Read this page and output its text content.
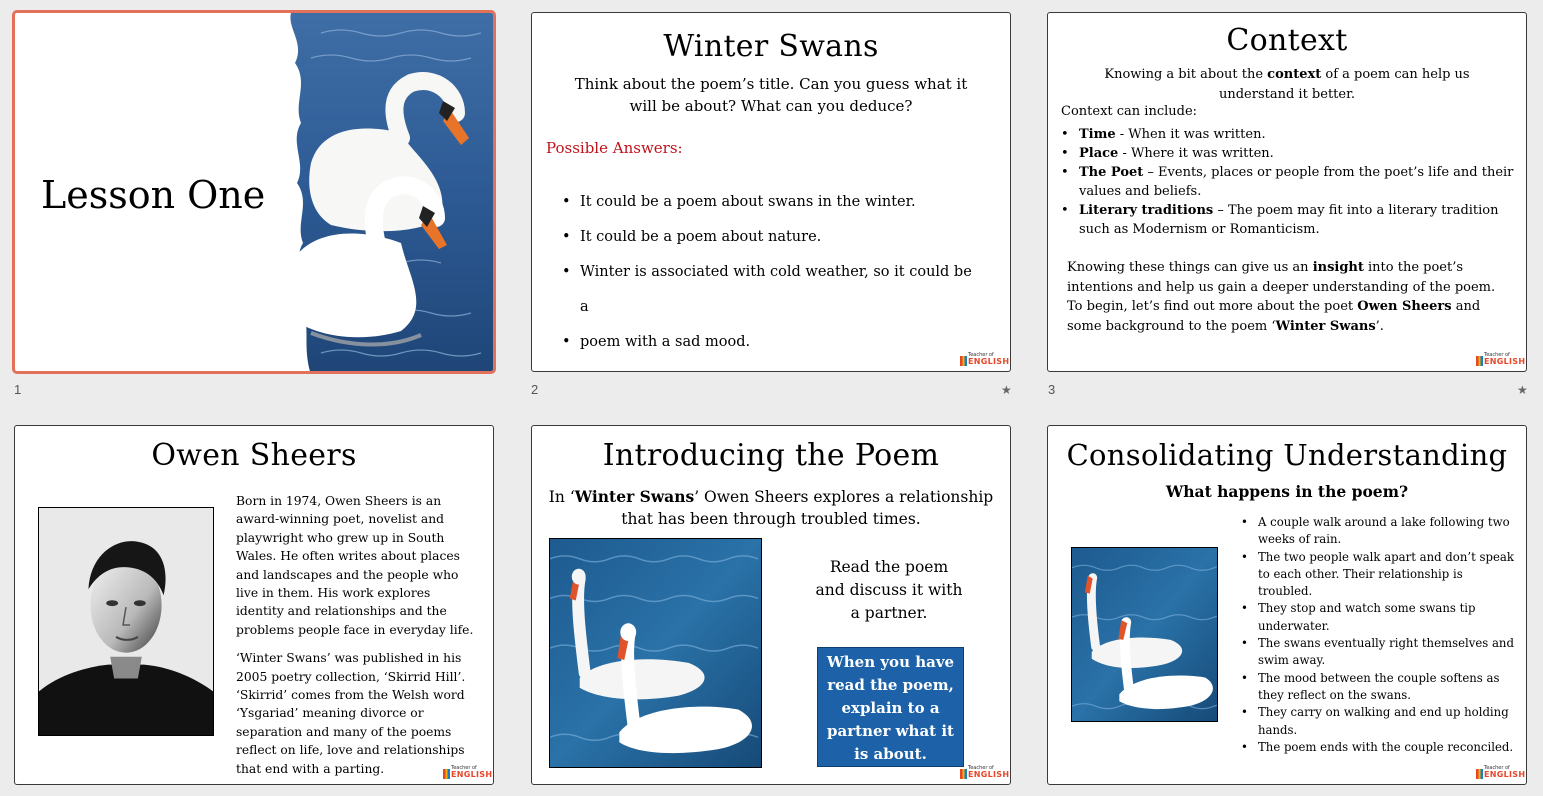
Lesson One
1
Winter Swans
Think about the poem’s title. Can you guess what it will be about? What can you deduce?
Possible Answers:
• It could be a poem about swans in the winter.
• It could be a poem about nature.
• Winter is associated with cold weather, so it could be a
• poem with a sad mood.
Teacher of
ENGLISH
2	★
Context
Knowing a bit about the context of a poem can help us understand it better.
Context can include:
• Time - When it was written.
• Place - Where it was written.
• The Poet – Events, places or people from the poet’s life and their values and beliefs.
• Literary traditions – The poem may fit into a literary tradition such as Modernism or Romanticism.
Knowing these things can give us an insight into the poet’s intentions and help us gain a deeper understanding of the poem.
To begin, let’s find out more about the poet Owen Sheers and some background to the poem ‘Winter Swans’.
Teacher of
ENGLISH
3	★
Owen Sheers

Born in 1974, Owen Sheers is an award-winning poet, novelist and playwright who grew up in South Wales. He often writes about places and landscapes and the people who live in them. His work explores identity and relationships and the problems people face in everyday life.

‘Winter Swans’ was published in his 2005 poetry collection, ‘Skirrid Hill’. ‘Skirrid’ comes from the Welsh word ‘Ysgariad’ meaning divorce or separation and many of the poems reflect on life, love and relationships that end with a parting.	Teacher of
ENGLISH
Introducing the Poem
In ‘Winter Swans’ Owen Sheers explores a relationship that has been through troubled times.
Read the poem and discuss it with a partner.
When you have read the poem, explain to a partner what it is about.
Teacher of
ENGLISH
Consolidating Understanding
What happens in the poem?
• A couple walk around a lake following two weeks of rain.
• The two people walk apart and don’t speak to each other. Their relationship is troubled.
• They stop and watch some swans tip underwater.
• The swans eventually right themselves and swim away.
• The mood between the couple softens as they reflect on the swans.
• They carry on walking and end up holding hands.
• The poem ends with the couple reconciled.
Teacher of
ENGLISH
